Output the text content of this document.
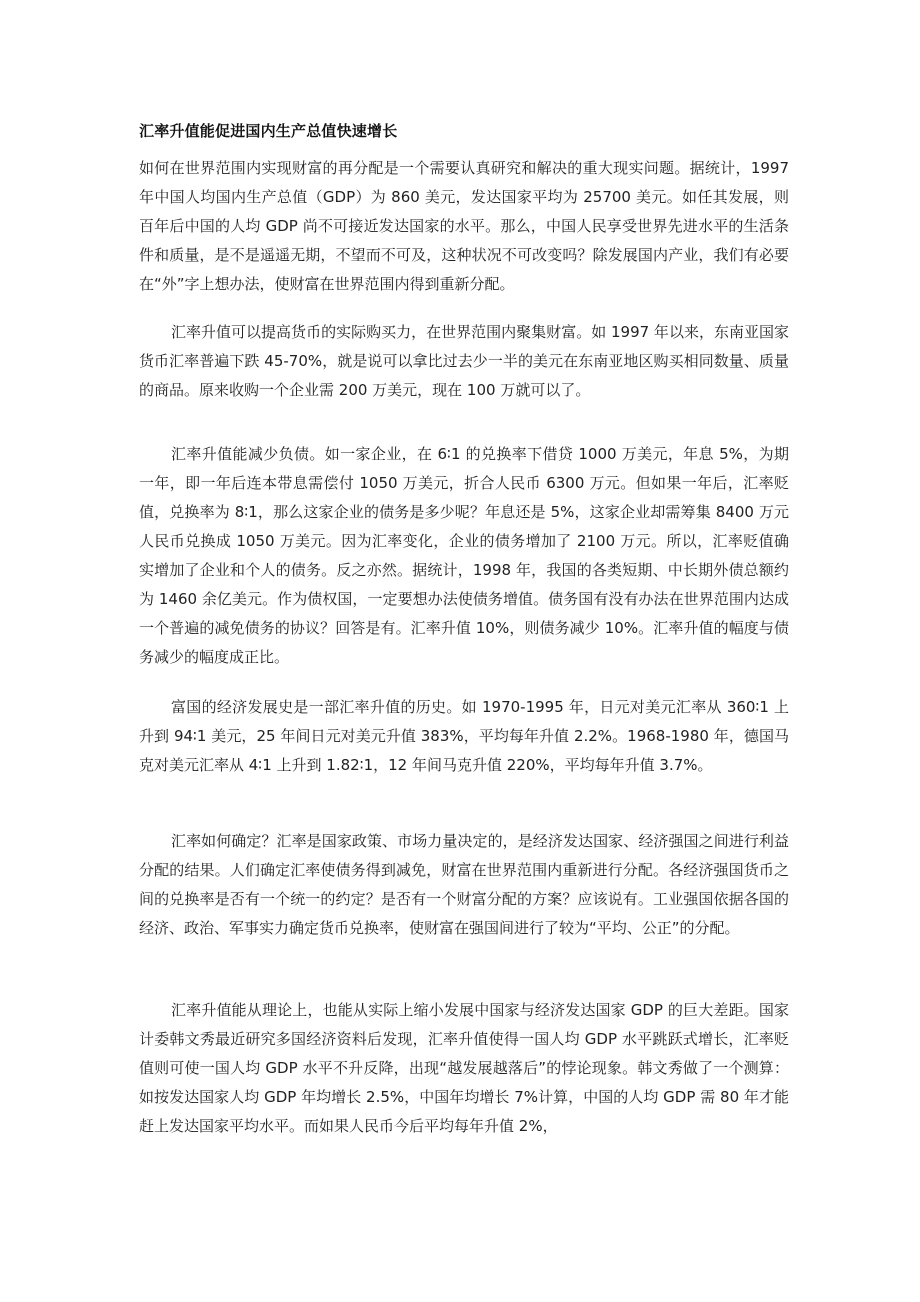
汇率升值能促进国内生产总值快速增长

如何在世界范围内实现财富的再分配是一个需要认真研究和解决的重大现实问题。据统计，1997 年中国人均国内生产总值（GDP）为 860 美元，发达国家平均为 25700 美元。如任其发展，则百年后中国的人均 GDP 尚不可接近发达国家的水平。那么，中国人民享受世界先进水平的生活条件和质量，是不是遥遥无期，不望而不可及，这种状况不可改变吗？除发展国内产业，我们有必要在“外”字上想办法，使财富在世界范围内得到重新分配。

汇率升值可以提高货币的实际购买力，在世界范围内聚集财富。如 1997 年以来，东南亚国家货币汇率普遍下跌 45-70%，就是说可以拿比过去少一半的美元在东南亚地区购买相同数量、质量的商品。原来收购一个企业需 200 万美元，现在 100 万就可以了。

汇率升值能减少负债。如一家企业，在 6∶1 的兑换率下借贷 1000 万美元，年息 5%，为期一年，即一年后连本带息需偿付 1050 万美元，折合人民币 6300 万元。但如果一年后，汇率贬值，兑换率为 8∶1，那么这家企业的债务是多少呢？年息还是 5%，这家企业却需筹集 8400 万元人民币兑换成 1050 万美元。因为汇率变化，企业的债务增加了 2100 万元。所以，汇率贬值确实增加了企业和个人的债务。反之亦然。据统计，1998 年，我国的各类短期、中长期外债总额约为 1460 余亿美元。作为债权国，一定要想办法使债务增值。债务国有没有办法在世界范围内达成一个普遍的减免债务的协议？回答是有。汇率升值 10%，则债务减少 10%。汇率升值的幅度与债务减少的幅度成正比。

富国的经济发展史是一部汇率升值的历史。如 1970-1995 年，日元对美元汇率从 360∶1 上升到 94∶1 美元，25 年间日元对美元升值 383%，平均每年升值 2.2%。1968-1980 年，德国马克对美元汇率从 4∶1 上升到 1.82∶1，12 年间马克升值 220%，平均每年升值 3.7%。

汇率如何确定？汇率是国家政策、市场力量决定的，是经济发达国家、经济强国之间进行利益分配的结果。人们确定汇率使债务得到减免，财富在世界范围内重新进行分配。各经济强国货币之间的兑换率是否有一个统一的约定？是否有一个财富分配的方案？应该说有。工业强国依据各国的经济、政治、军事实力确定货币兑换率，使财富在强国间进行了较为“平均、公正”的分配。

汇率升值能从理论上，也能从实际上缩小发展中国家与经济发达国家 GDP 的巨大差距。国家计委韩文秀最近研究多国经济资料后发现，汇率升值使得一国人均 GDP 水平跳跃式增长，汇率贬值则可使一国人均 GDP 水平不升反降，出现“越发展越落后”的悖论现象。韩文秀做了一个测算：如按发达国家人均 GDP 年均增长 2.5%，中国年均增长 7%计算，中国的人均 GDP 需 80 年才能赶上发达国家平均水平。而如果人民币今后平均每年升值 2%，
